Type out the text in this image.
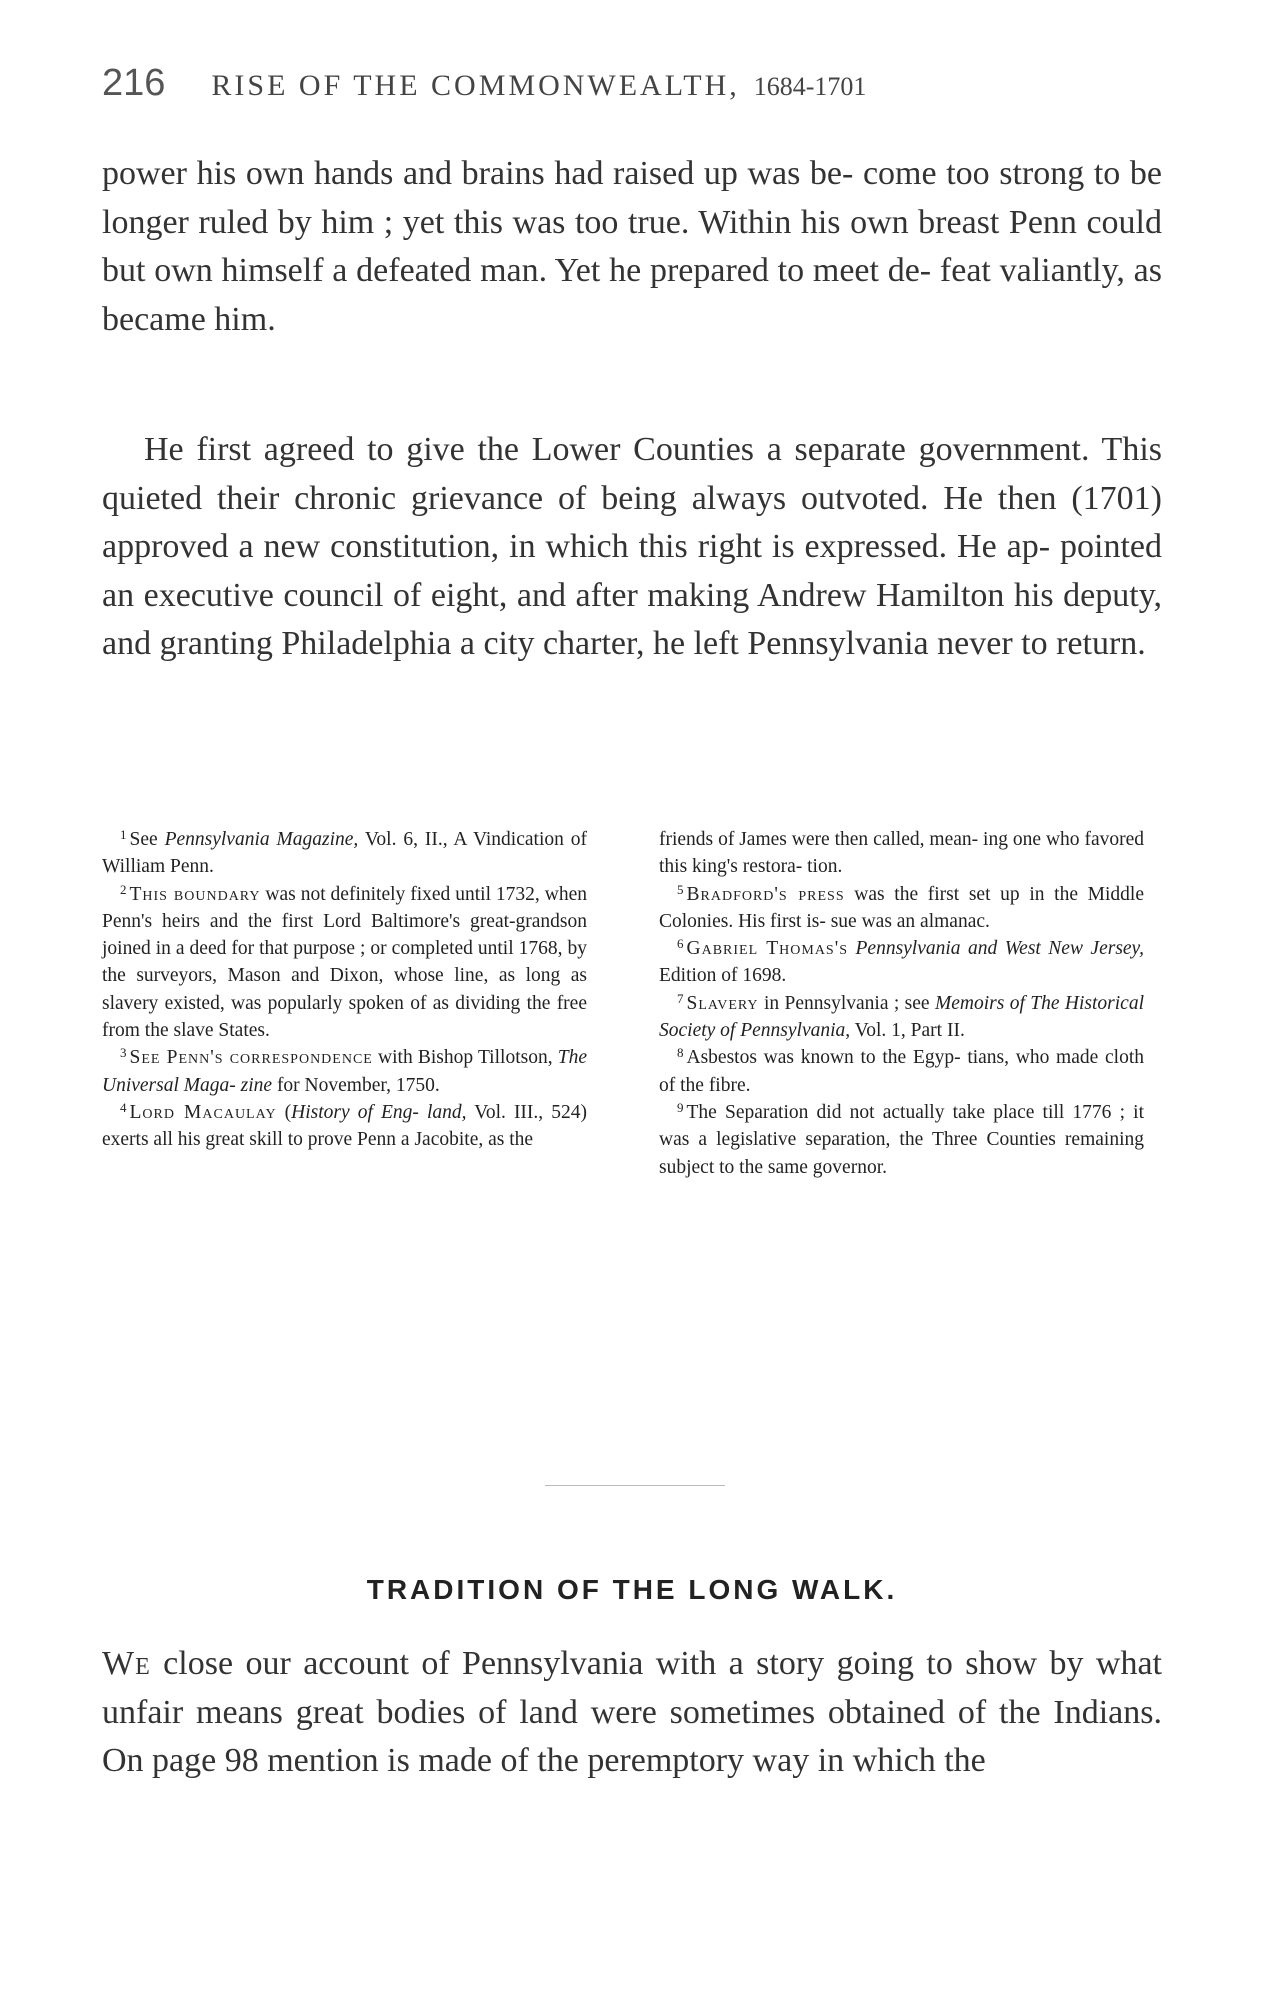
216 RISE OF THE COMMONWEALTH, 1684-1701

power his own hands and brains had raised up was be- come too strong to be longer ruled by him ; yet this was too true. Within his own breast Penn could but own himself a defeated man. Yet he prepared to meet de- feat valiantly, as became him.

He first agreed to give the Lower Counties a separate government. This quieted their chronic grievance of being always outvoted. He then (1701) approved a new constitution, in which this right is expressed. He ap- pointed an executive council of eight, and after making Andrew Hamilton his deputy, and granting Philadelphia a city charter, he left Pennsylvania never to return.

$^1$ See Pennsylvania Magazine, Vol. 6, II., A Vindication of William Penn.

$^2$ This boundary was not definitely fixed until 1732, when Penn's heirs and the first Lord Baltimore's great-grandson joined in a deed for that purpose ; or completed until 1768, by the surveyors, Mason and Dixon, whose line, as long as slavery existed, was popularly spoken of as dividing the free from the slave States.

$^3$ See Penn's correspondence with Bishop Tillotson, The Universal Maga- zine for November, 1750.

$^4$ Lord Macaulay (History of Eng- land, Vol. III., 524) exerts all his great skill to prove Penn a Jacobite, as the

friends of James were then called, mean- ing one who favored this king's restora- tion.

$^5$ Bradford's press was the first set up in the Middle Colonies. His first is- sue was an almanac.

$^6$ Gabriel Thomas's Pennsylvania and West New Jersey, Edition of 1698.

$^7$ Slavery in Pennsylvania ; see Memoirs of The Historical Society of Pennsylvania, Vol. 1, Part II.

$^8$ Asbestos was known to the Egyp- tians, who made cloth of the fibre.

$^9$ The Separation did not actually take place till 1776 ; it was a legislative separation, the Three Counties remaining subject to the same governor.

TRADITION OF THE LONG WALK.

We close our account of Pennsylvania with a story going to show by what unfair means great bodies of land were sometimes obtained of the Indians. On page 98 mention is made of the peremptory way in which the
